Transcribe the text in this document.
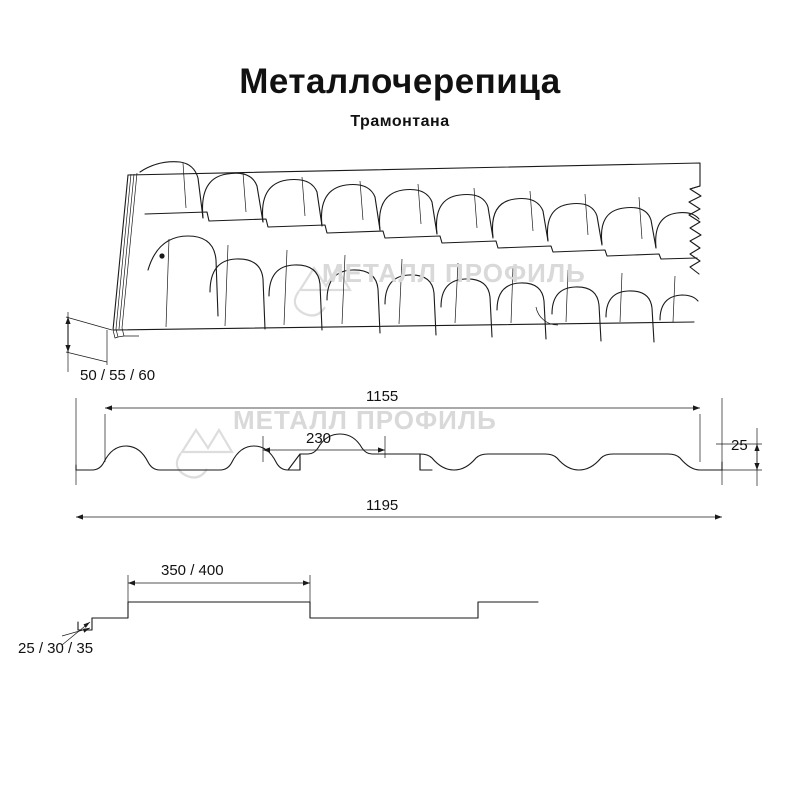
Металлочерепица
Трамонтана
МЕТАЛЛ ПРОФИЛЬ
МЕТАЛЛ ПРОФИЛЬ
50 / 55 / 60
1155
230	25
1195
350 / 400
25 / 30 / 35
